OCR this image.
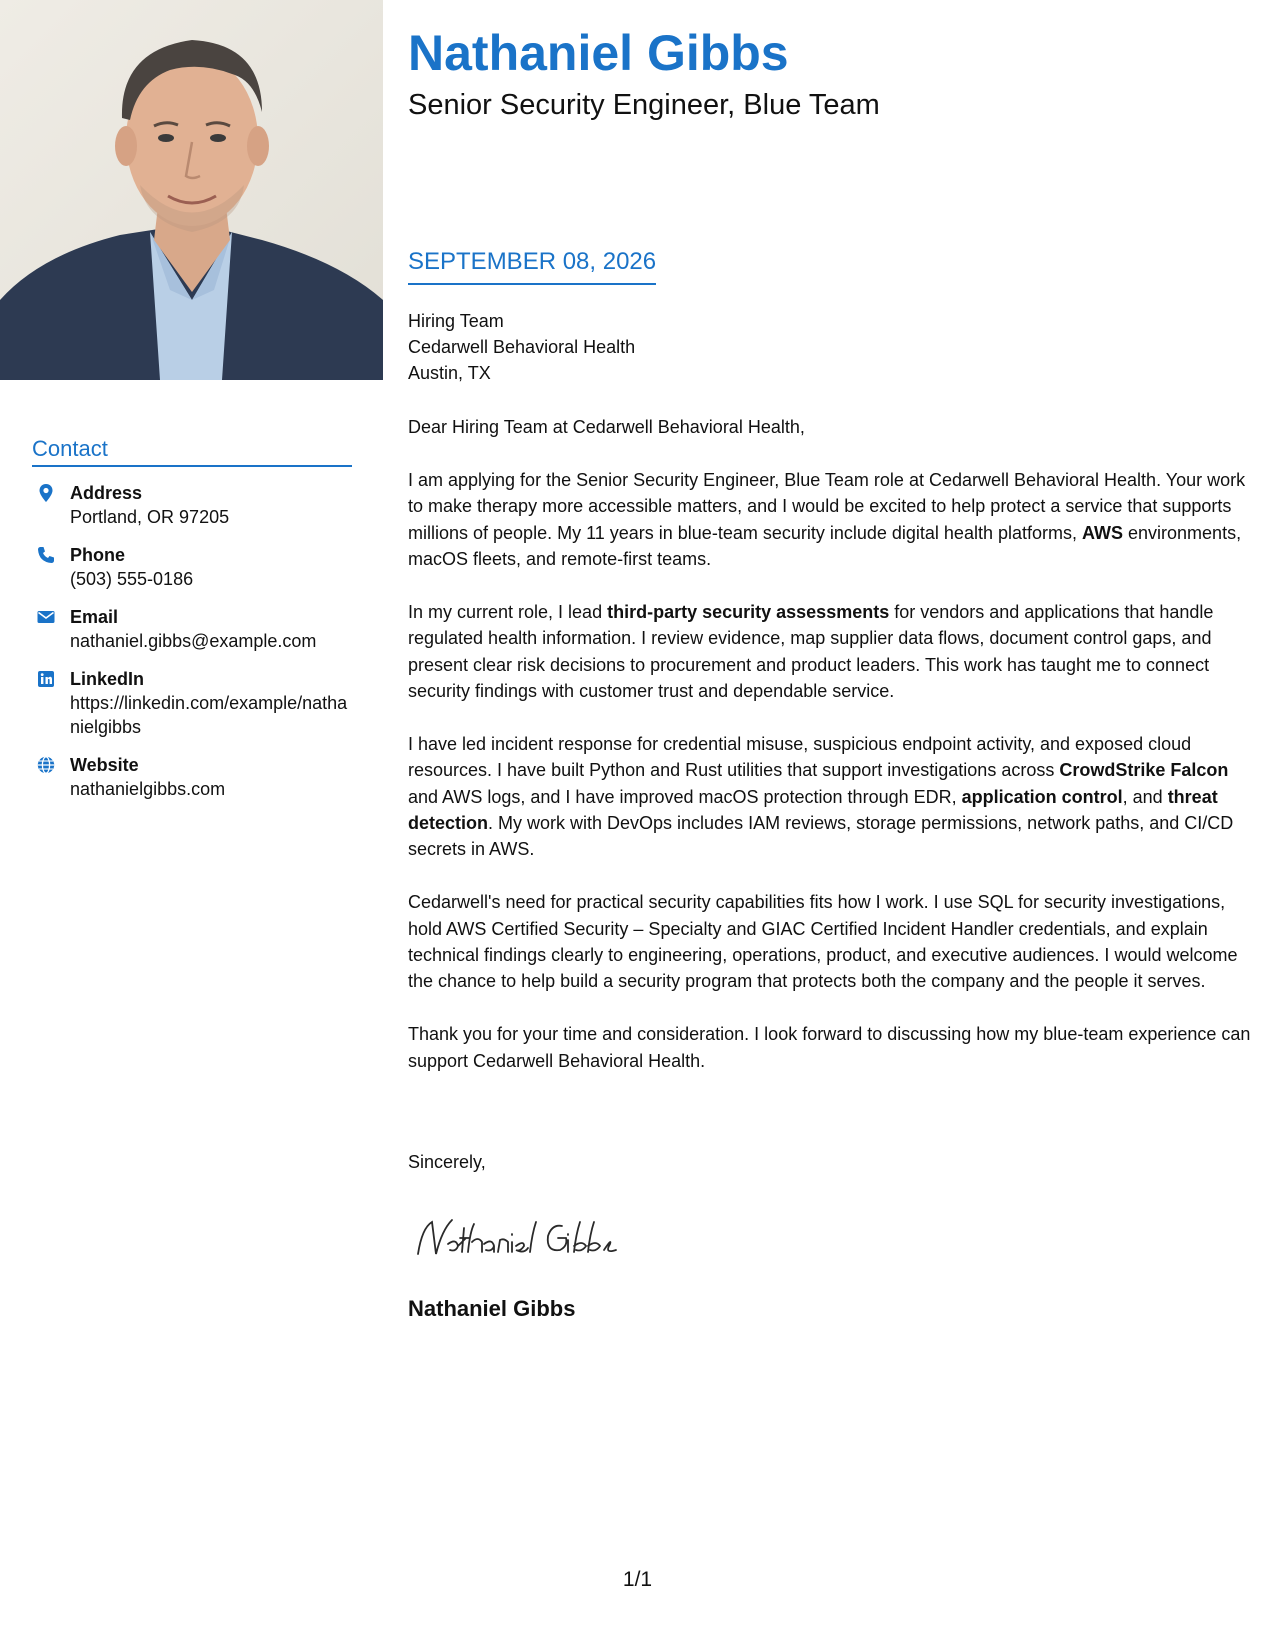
Contact
Address
Portland, OR 97205
Phone
(503) 555-0186
Email
nathaniel.gibbs@example.com
LinkedIn
https://linkedin.com/example/nathanielgibbs
Website
nathanielgibbs.com
Nathaniel Gibbs
Senior Security Engineer, Blue Team
SEPTEMBER 08, 2026
Hiring Team
Cedarwell Behavioral Health
Austin, TX

Dear Hiring Team at Cedarwell Behavioral Health,

I am applying for the Senior Security Engineer, Blue Team role at Cedarwell Behavioral Health. Your work to make therapy more accessible matters, and I would be excited to help protect a service that supports millions of people. My 11 years in blue-team security include digital health platforms, AWS environments, macOS fleets, and remote-first teams.

In my current role, I lead third-party security assessments for vendors and applications that handle regulated health information. I review evidence, map supplier data flows, document control gaps, and present clear risk decisions to procurement and product leaders. This work has taught me to connect security findings with customer trust and dependable service.

I have led incident response for credential misuse, suspicious endpoint activity, and exposed cloud resources. I have built Python and Rust utilities that support investigations across CrowdStrike Falcon and AWS logs, and I have improved macOS protection through EDR, application control, and threat detection. My work with DevOps includes IAM reviews, storage permissions, network paths, and CI/CD secrets in AWS.

Cedarwell's need for practical security capabilities fits how I work. I use SQL for security investigations, hold AWS Certified Security – Specialty and GIAC Certified Incident Handler credentials, and explain technical findings clearly to engineering, operations, product, and executive audiences. I would welcome the chance to help build a security program that protects both the company and the people it serves.

Thank you for your time and consideration. I look forward to discussing how my blue-team experience can support Cedarwell Behavioral Health.

Sincerely,
Nathaniel Gibbs
1/1
